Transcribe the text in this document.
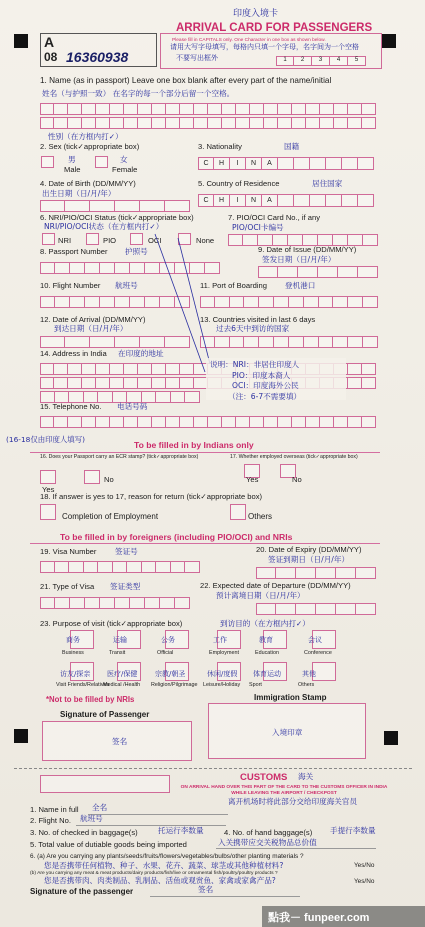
A
08 16360938
印度入境卡
ARRIVAL CARD FOR PASSENGERS
Please fill in CAPITALS only. One Character in one box as shown below.
请用大写字母填写，每格内只填一个字母，名字间为一个空格
不要写出框外	1	2	3	4	5
1. Name (as in passport) Leave one box blank after every part of the name/initial
姓名（与护照一致） 在名字的每一个部分后留一个空格。
性别（在方框内打✓）
2. Sex (tick✓appropriate box)
男
Male
女
Female
3. Nationality	国籍
C	H	I	N	A
4. Date of Birth (DD/MM/YY)
出生日期（日/月/年）
5. Country of Residence	居住国家
C	H	I	N	A
6. NRI/PIO/OCI Status (tick✓appropriate box)
NRI/PIO/OCI状态（在方框内打✓）
NRI	PIO	OCI	None
7. PIO/OCI Card No., if any
PIO/OCI卡编号
8. Passport Number 护照号	9. Date of Issue (DD/MM/YY)
签发日期（日/月/年）
10. Flight Number 航班号	11. Port of Boarding 登机港口
12. Date of Arrival (DD/MM/YY)
到达日期（日/月/年）
13. Countries visited in last 6 days
过去6天中到访的国家
14. Address in India 在印度的地址
说明：NRI：非居住印度人
PIO：印度本裔人
OCI：印度海外公民
（注：6-7不需要填）
15. Telephone No. 电话号码
(16-18仅由印度人填写)
To be filled in by Indians only
16. Does your Passport carry an ECR stamp? (tick✓appropriate box)	17. Whether employed overseas (tick✓appropriate box)
Yes
No	Yes	No
18. If answer is yes to 17, reason for return (tick✓appropriate box)
Completion of Employment	Others
To be filled in by foreigners (including PIO/OCI) and NRIs
19. Visa Number 签证号	20. Date of Expiry (DD/MM/YY)
签证到期日（日/月/年）
21. Type of Visa 签证类型	22. Expected date of Departure (DD/MM/YY)
预计离境日期（日/月/年）
23. Purpose of visit (tick✓appropriate box)	到访目的（在方框内打✓）
商务
Business
运输
Transit
公务
Official
工作
Employment
教育
Education
会议
Conference
访友/探亲
Visit Friends/Relatives
医疗/保健
Medical /Health
宗教/朝圣
Religion/Pilgrimage
休闲/度假
Leisure/Holiday
体育运动
Sport
其他
Others
*Not to be filled by NRIs	Immigration Stamp
Signature of Passenger
签名
入境印章
CUSTOMS 海关
ON ARRIVAL HAND OVER THIS PART OF THE CARD TO THE CUSTOMS OFFICER IN INDIA WHILE LEAVING THE AIRPORT / CHECKPOST
离开机场时将此部分交给印度海关官员
1. Name in full 全名
2. Flight No. 航班号
3. No. of checked in baggage(s)	托运行李数量	4. No. of hand baggage(s) 手提行李数量
5. Total value of dutiable goods being imported	入关携带应交关税物品总价值
6. (a) Are you carrying any plants/seeds/fruits/flowers/vegetables/bulbs/other planting materials ?
您是否携带任何植物、种子、水果、花卉、蔬菜、球茎或其他种植材料?	Yes/No
(b) Are you carrying any meat & meat products/dairy products/fish/live or ornamental fish/poultry/poultry products ?
您是否携带肉、肉类制品、乳制品、活鱼或观赏鱼、家禽或家禽产品?	Yes/No
Signature of the passenger	签名
點我－ funpeer.com
